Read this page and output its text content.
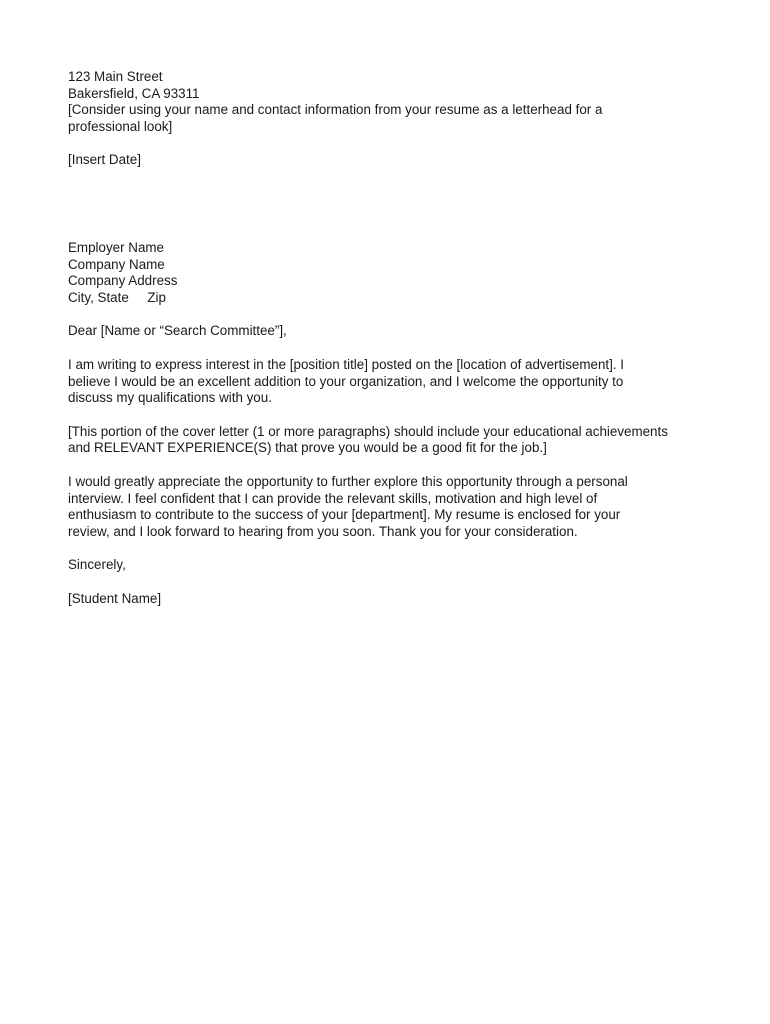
123 Main Street
Bakersfield, CA 93311
[Consider using your name and contact information from your resume as a letterhead for a
professional look]
[Insert Date]
Employer Name
Company Name
Company Address
City, State     Zip
Dear [Name or “Search Committee”],
I am writing to express interest in the [position title] posted on the [location of advertisement]. I
believe I would be an excellent addition to your organization, and I welcome the opportunity to
discuss my qualifications with you.
[This portion of the cover letter (1 or more paragraphs) should include your educational achievements
and RELEVANT EXPERIENCE(S) that prove you would be a good fit for the job.]
I would greatly appreciate the opportunity to further explore this opportunity through a personal
interview. I feel confident that I can provide the relevant skills, motivation and high level of
enthusiasm to contribute to the success of your [department]. My resume is enclosed for your
review, and I look forward to hearing from you soon. Thank you for your consideration.
Sincerely,
[Student Name]
